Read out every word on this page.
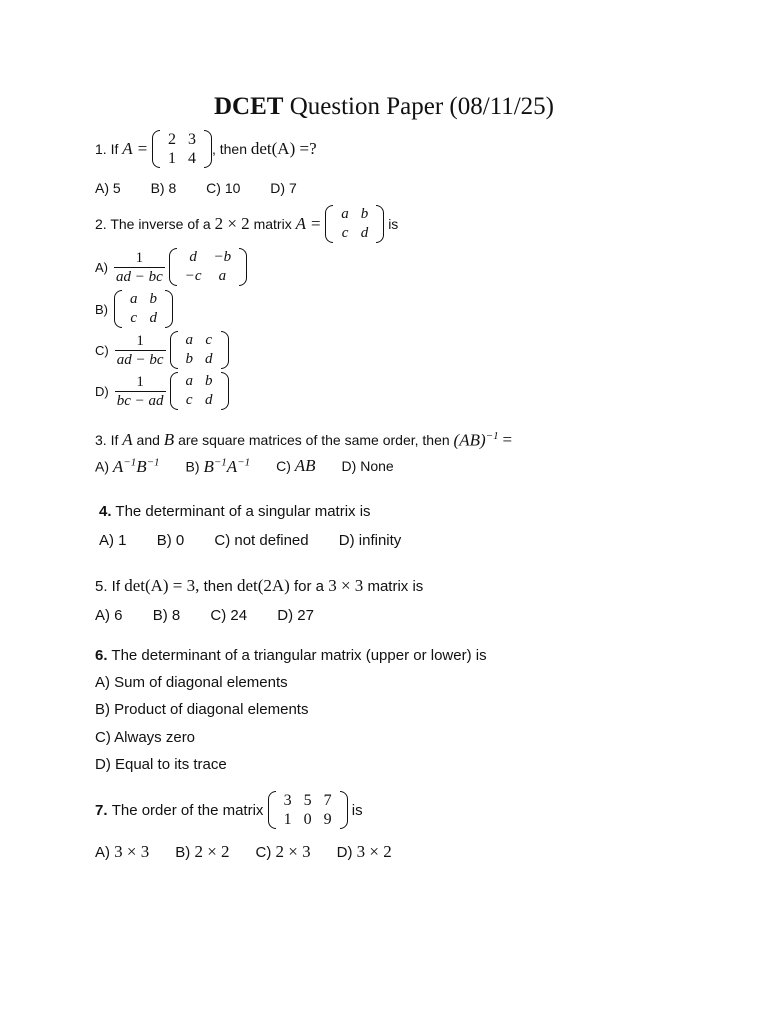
DCET Question Paper (08/11/25)
1. If
A =
2	3
1	4
, then
det(A) =?
A) 5 B) 8 C) 10 D) 7
2. The inverse of a
2 × 2
matrix
A =
a	b
c	d

is
$A) \frac{1}{ad - bc}$ d	−b
−c	a
B)
a	b
c	d
$C) \frac{1}{ad - bc}$ a	c
b	d
$D) \frac{1}{bc - ad}$ a	b
c	d
3. If
A
and
B
are square matrices of the same order, then
(AB)$^{-1}$
=
A) $A^{-1}B^{-1}$ B) $B^{-1}A^{-1}$ C) AB D) None
4. The determinant of a singular matrix is
A) 1 B) 0 C) not defined D) infinity
5. If
det(A) = 3,
then
det(2A)
for a
3 × 3
matrix is
A) 6 B) 8 C) 24 D) 27
6. The determinant of a triangular matrix (upper or lower) is
A) Sum of diagonal elements
B) Product of diagonal elements
C) Always zero
D) Equal to its trace
7.
The order of the matrix

3	5	7
1	0	9

is
A) 3 × 3 B) 2 × 2 C) 2 × 3 D) 3 × 2
